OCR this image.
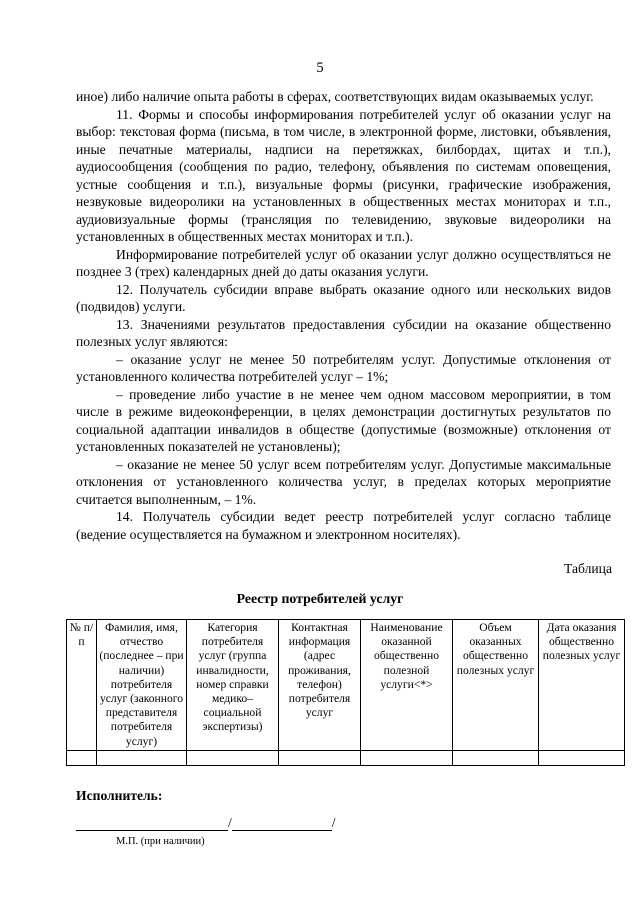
5

иное) либо наличие опыта работы в сферах, соответствующих видам оказываемых услуг.

11. Формы и способы информирования потребителей услуг об оказании услуг на выбор: текстовая форма (письма, в том числе, в электронной форме, листовки, объявления, иные печатные материалы, надписи на перетяжках, билбордах, щитах и т.п.), аудиосообщения (сообщения по радио, телефону, объявления по системам оповещения, устные сообщения и т.п.), визуальные формы (рисунки, графические изображения, незвуковые видеоролики на установленных в общественных местах мониторах и т.п., аудиовизуальные формы (трансляция по телевидению, звуковые видеоролики на установленных в общественных местах мониторах и т.п.).

Информирование потребителей услуг об оказании услуг должно осуществляться не позднее 3 (трех) календарных дней до даты оказания услуги.

12. Получатель субсидии вправе выбрать оказание одного или нескольких видов (подвидов) услуги.

13. Значениями результатов предоставления субсидии на оказание общественно полезных услуг являются:

– оказание услуг не менее 50 потребителям услуг. Допустимые отклонения от установленного количества потребителей услуг – 1%;

– проведение либо участие в не менее чем одном массовом мероприятии, в том числе в режиме видеоконференции, в целях демонстрации достигнутых результатов по социальной адаптации инвалидов в обществе (допустимые (возможные) отклонения от установленных показателей не установлены);

– оказание не менее 50 услуг всем потребителям услуг. Допустимые максимальные отклонения от установленного количества услуг, в пределах которых мероприятие считается выполненным, – 1%.

14. Получатель субсидии ведет реестр потребителей услуг согласно таблице (ведение осуществляется на бумажном и электронном носителях).

Таблица
Реестр потребителей услуг
№ п/п	Фамилия, имя, отчество (последнее – при наличии) потребителя услуг (законного представителя потребителя услуг)	Категория потребителя услуг (группа инвалидности, номер справки медико–социальной экспертизы)	Контактная информация (адрес проживания, телефон) потребителя услуг	Наименование оказанной общественно полезной услуги<*>	Объем оказанных общественно полезных услуг	Дата оказания общественно полезных услуг

Исполнитель:
/	/
М.П. (при наличии)
